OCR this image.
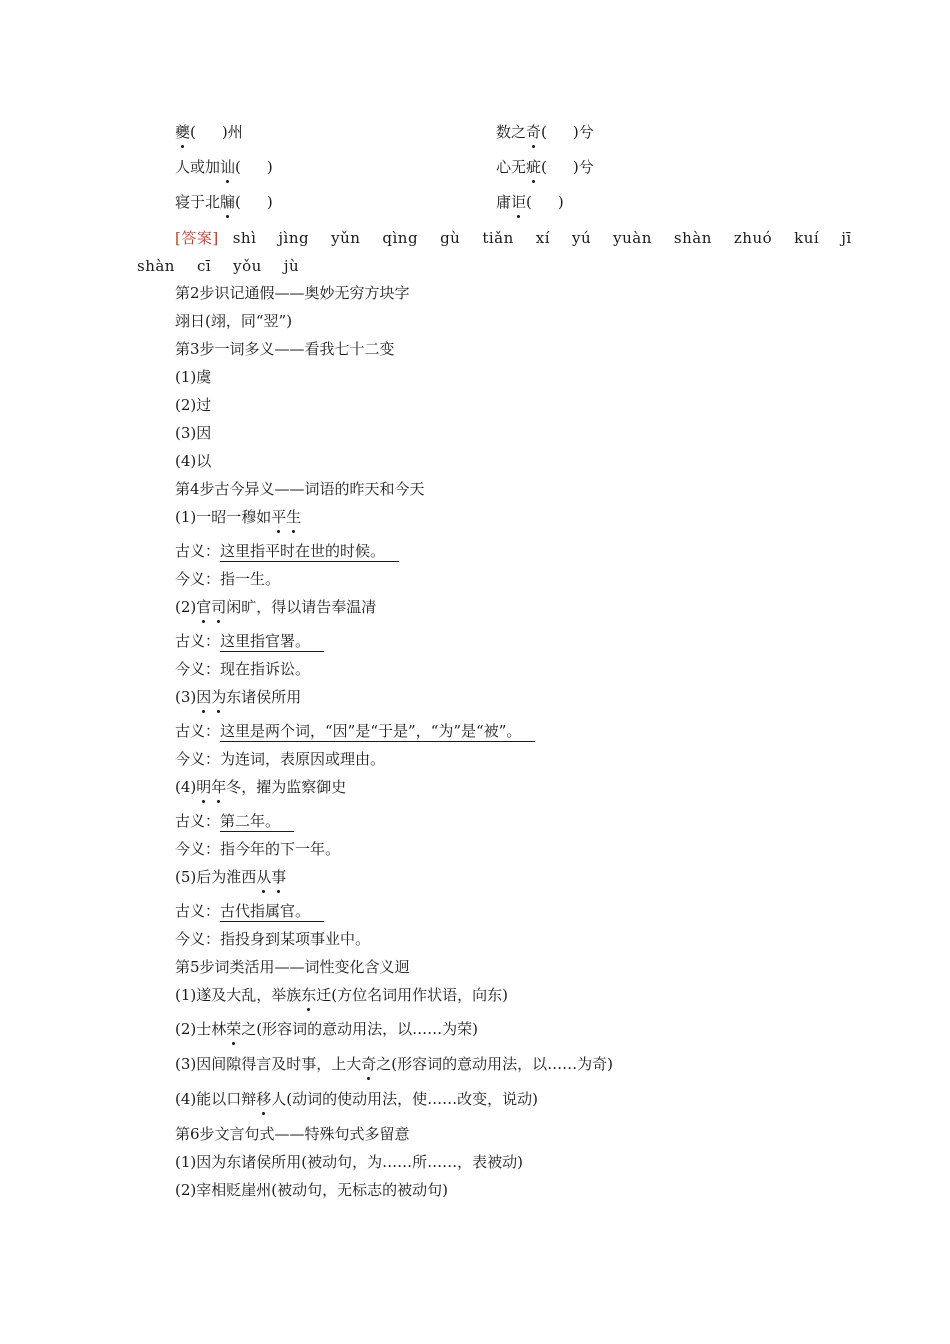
夔( )州	数之奇( )兮
人或加讪( )	心无疵( )兮
寝于北牖( )	庸讵( )
[答案] shì jìng yǔn qìng gù tiǎn xí yú yuàn shàn zhuó kuí jī
shàn cī yǒu jù
第2步识记通假——奥妙无穷方块字
翊日(翊，同“翌”)
第3步一词多义——看我七十二变
(1)虞
(2)过
(3)因
(4)以
第4步古今异义——词语的昨天和今天
(1)一昭一穆如平生
古义：这里指平时在世的时候。
今义：指一生。
(2)官司闲旷，得以请告奉温凊
古义：这里指官署。
今义：现在指诉讼。
(3)因为东诸侯所用
古义：这里是两个词，“因”是“于是”，“为”是“被”。
今义：为连词，表原因或理由。
(4)明年冬，擢为监察御史
古义：第二年。
今义：指今年的下一年。
(5)后为淮西从事
古义：古代指属官。
今义：指投身到某项事业中。
第5步词类活用——词性变化含义迥
(1)遂及大乱，举族东迁(方位名词用作状语，向东)
(2)士林荣之(形容词的意动用法，以……为荣)
(3)因间隙得言及时事，上大奇之(形容词的意动用法，以……为奇)
(4)能以口辩移人(动词的使动用法，使……改变，说动)
第6步文言句式——特殊句式多留意
(1)因为东诸侯所用(被动句，为……所……，表被动)
(2)宰相贬崖州(被动句，无标志的被动句)
